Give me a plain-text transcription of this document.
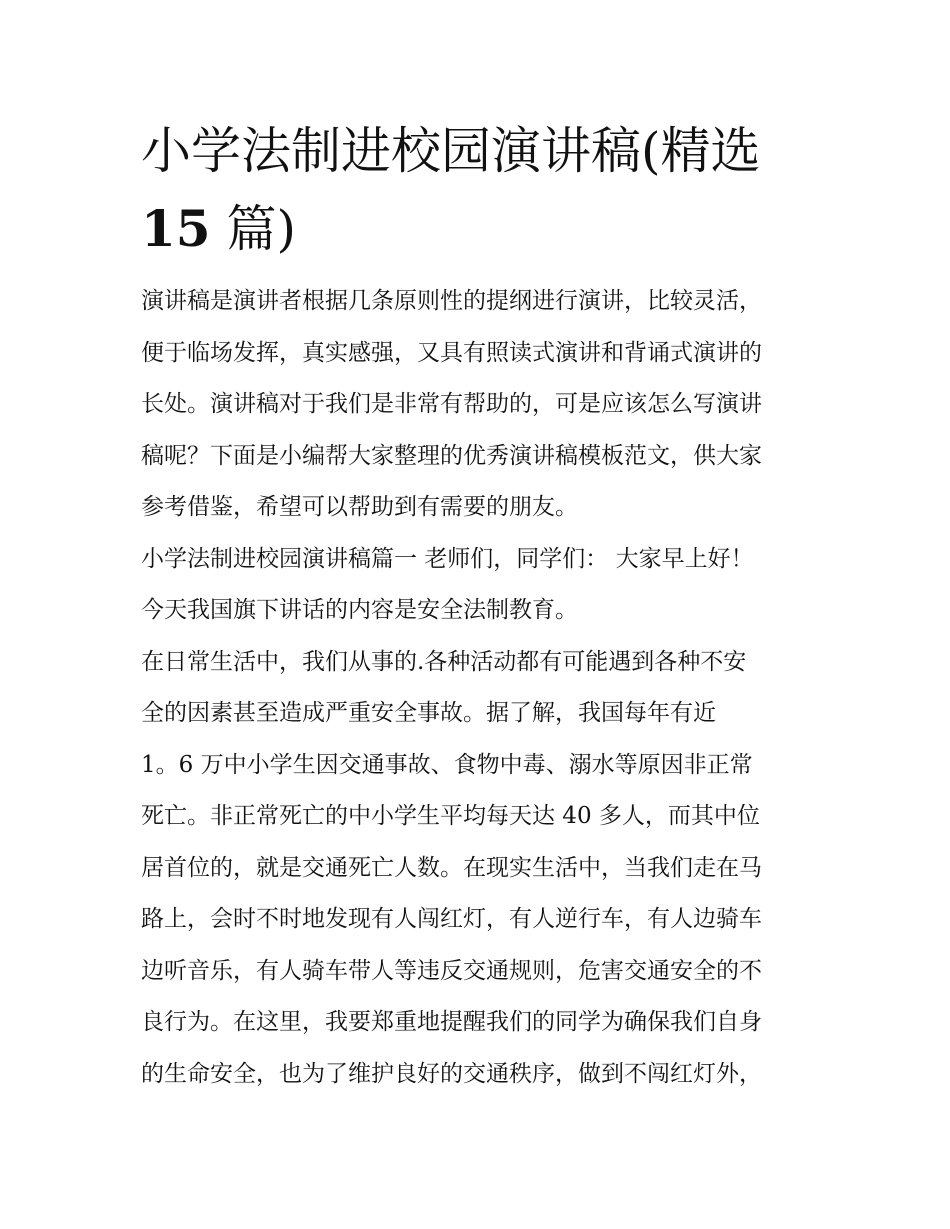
小学法制进校园演讲稿(精选
15 篇)
演讲稿是演讲者根据几条原则性的提纲进行演讲，比较灵活，
便于临场发挥，真实感强，又具有照读式演讲和背诵式演讲的
长处。演讲稿对于我们是非常有帮助的，可是应该怎么写演讲
稿呢？下面是小编帮大家整理的优秀演讲稿模板范文，供大家
参考借鉴，希望可以帮助到有需要的朋友。
小学法制进校园演讲稿篇一 老师们，同学们： 大家早上好！
今天我国旗下讲话的内容是安全法制教育。
在日常生活中，我们从事的.各种活动都有可能遇到各种不安
全的因素甚至造成严重安全事故。据了解，我国每年有近
1。6 万中小学生因交通事故、食物中毒、溺水等原因非正常
死亡。非正常死亡的中小学生平均每天达 40 多人，而其中位
居首位的，就是交通死亡人数。在现实生活中，当我们走在马
路上，会时不时地发现有人闯红灯，有人逆行车，有人边骑车
边听音乐，有人骑车带人等违反交通规则，危害交通安全的不
良行为。在这里，我要郑重地提醒我们的同学为确保我们自身
的生命安全，也为了维护良好的交通秩序，做到不闯红灯外，
